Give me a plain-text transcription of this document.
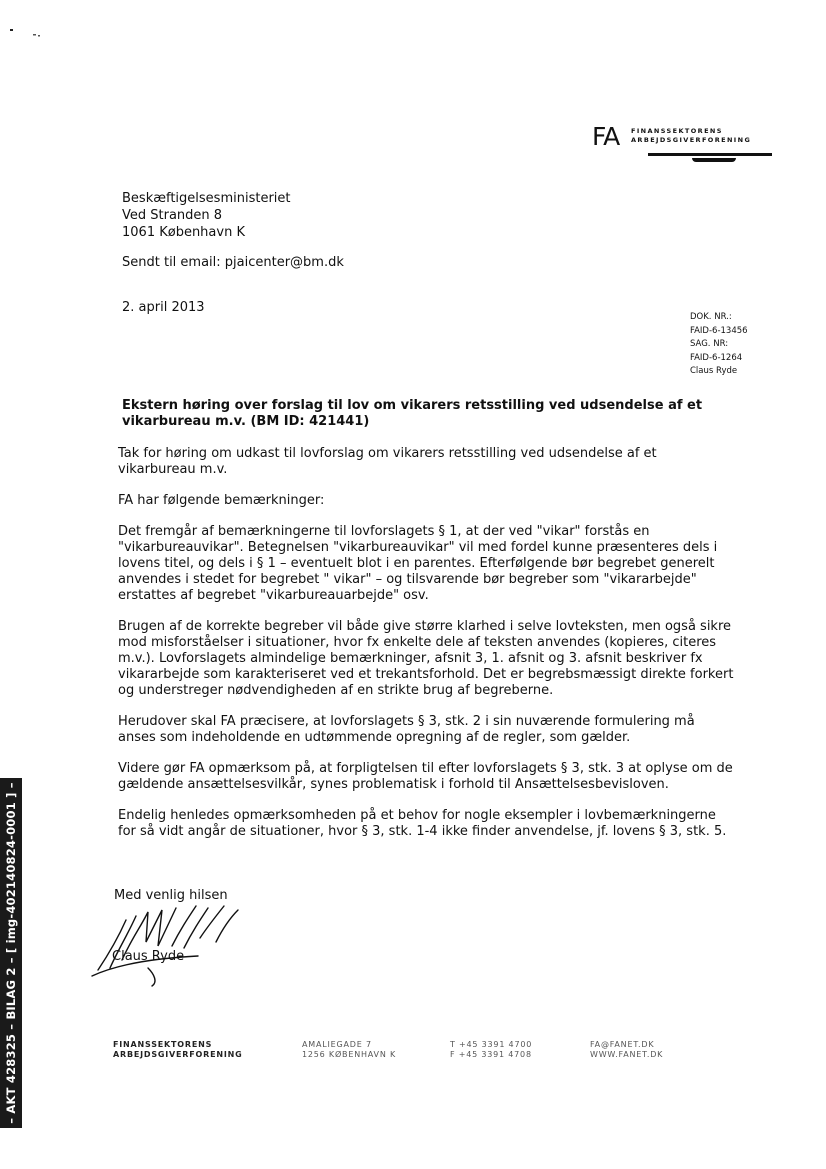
FA FINANSSEKTORENS
ARBEJDSGIVERFORENING
Beskæftigelsesministeriet
Ved Stranden 8
1061 København K
Sendt til email: pjaicenter@bm.dk
2. april 2013
DOK. NR.:
FAID-6-13456
SAG. NR:
FAID-6-1264
Claus Ryde
Ekstern høring over forslag til lov om vikarers retsstilling ved udsendelse af et vikarbureau m.v. (BM ID: 421441)

Tak for høring om udkast til lovforslag om vikarers retsstilling ved udsendelse af et vikarbureau m.v.

FA har følgende bemærkninger:

Det fremgår af bemærkningerne til lovforslagets § 1, at der ved "vikar" forstås en "vikarbureauvikar". Betegnelsen "vikarbureauvikar" vil med fordel kunne præsenteres dels i lovens titel, og dels i § 1 – eventuelt blot i en parentes. Efterfølgende bør begrebet generelt anvendes i stedet for begrebet " vikar" – og tilsvarende bør begreber som "vikararbejde" erstattes af begrebet "vikarbureauarbejde" osv.

Brugen af de korrekte begreber vil både give større klarhed i selve lovteksten, men også sikre mod misforståelser i situationer, hvor fx enkelte dele af teksten anvendes (kopieres, citeres m.v.). Lovforslagets almindelige bemærkninger, afsnit 3, 1. afsnit og 3. afsnit beskriver fx vikararbejde som karakteriseret ved et trekantsforhold. Det er begrebsmæssigt direkte forkert og understreger nødvendigheden af en strikte brug af begreberne.

Herudover skal FA præcisere, at lovforslagets § 3, stk. 2 i sin nuværende formulering må anses som indeholdende en udtømmende opregning af de regler, som gælder.

Videre gør FA opmærksom på, at forpligtelsen til efter lovforslagets § 3, stk. 3 at oplyse om de gældende ansættelsesvilkår, synes problematisk i forhold til Ansættelsesbevisloven.

Endelig henledes opmærksomheden på et behov for nogle eksempler i lovbemærkningerne for så vidt angår de situationer, hvor § 3, stk. 1-4 ikke finder anvendelse, jf. lovens § 3, stk. 5.

Med venlig hilsen
Claus Ryde
FINANSSEKTORENS
ARBEJDSGIVERFORENING
AMALIEGADE 7
1256 KØBENHAVN K
T +45 3391 4700
F +45 3391 4708
FA@FANET.DK
WWW.FANET.DK
– AKT 428325 – BILAG 2 – [ img-402140824-0001 ] –
